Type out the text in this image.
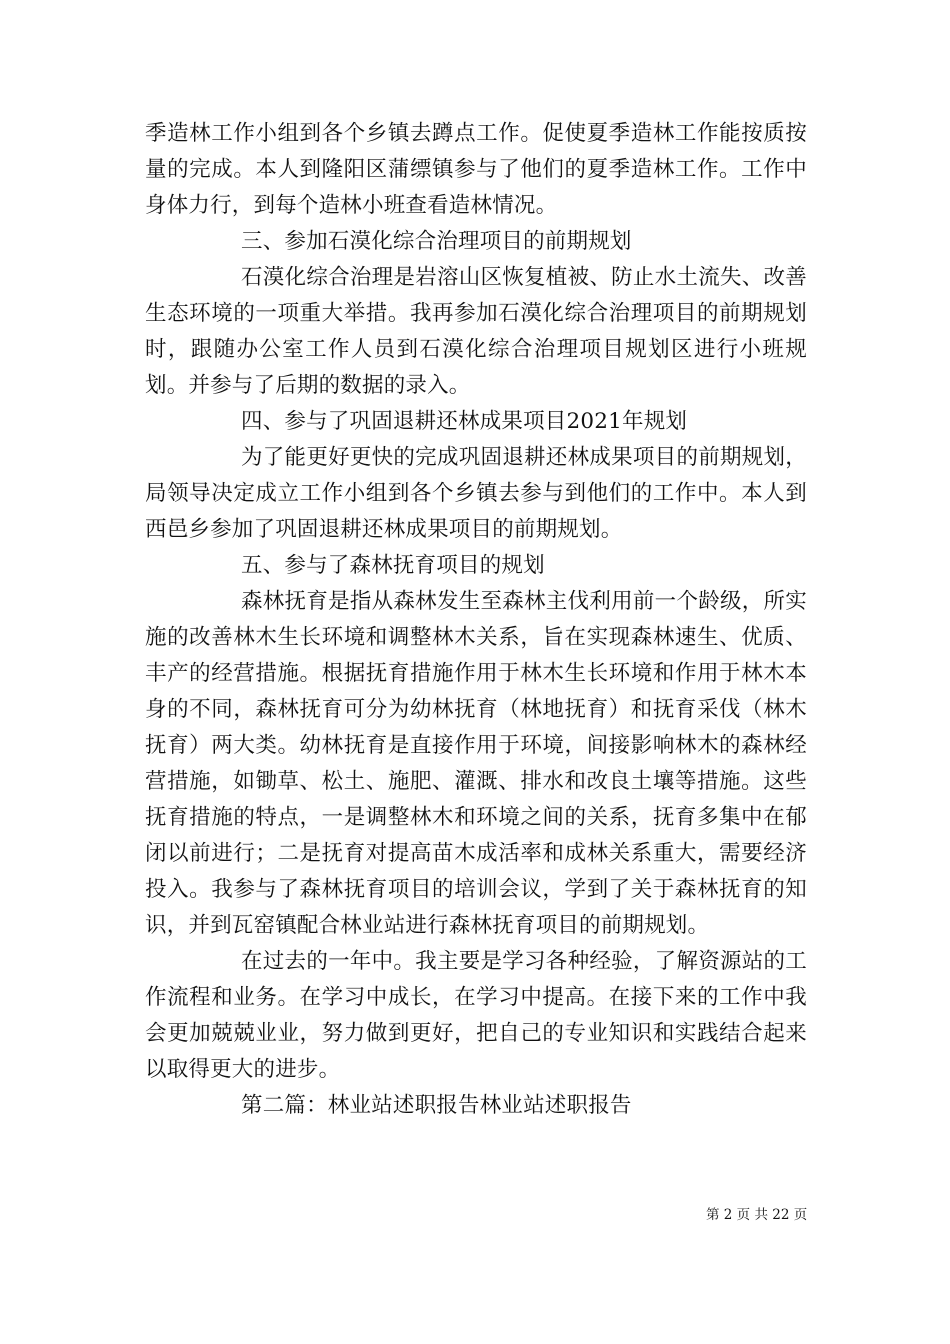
季造林工作小组到各个乡镇去蹲点工作。促使夏季造林工作能按质按量的完成。本人到隆阳区蒲缥镇参与了他们的夏季造林工作。工作中身体力行，到每个造林小班查看造林情况。

三、参加石漠化综合治理项目的前期规划

石漠化综合治理是岩溶山区恢复植被、防止水土流失、改善生态环境的一项重大举措。我再参加石漠化综合治理项目的前期规划时，跟随办公室工作人员到石漠化综合治理项目规划区进行小班规划。并参与了后期的数据的录入。

四、参与了巩固退耕还林成果项目2021年规划

为了能更好更快的完成巩固退耕还林成果项目的前期规划，局领导决定成立工作小组到各个乡镇去参与到他们的工作中。本人到西邑乡参加了巩固退耕还林成果项目的前期规划。

五、参与了森林抚育项目的规划

森林抚育是指从森林发生至森林主伐利用前一个龄级，所实施的改善林木生长环境和调整林木关系，旨在实现森林速生、优质、丰产的经营措施。根据抚育措施作用于林木生长环境和作用于林木本身的不同，森林抚育可分为幼林抚育（林地抚育）和抚育采伐（林木抚育）两大类。幼林抚育是直接作用于环境，间接影响林木的森林经营措施，如锄草、松土、施肥、灌溉、排水和改良土壤等措施。这些抚育措施的特点，一是调整林木和环境之间的关系，抚育多集中在郁闭以前进行；二是抚育对提高苗木成活率和成林关系重大，需要经济投入。我参与了森林抚育项目的培训会议，学到了关于森林抚育的知识，并到瓦窑镇配合林业站进行森林抚育项目的前期规划。

在过去的一年中。我主要是学习各种经验，了解资源站的工作流程和业务。在学习中成长，在学习中提高。在接下来的工作中我会更加兢兢业业，努力做到更好，把自己的专业知识和实践结合起来以取得更大的进步。

第二篇：林业站述职报告林业站述职报告

第 2 页 共 22 页
